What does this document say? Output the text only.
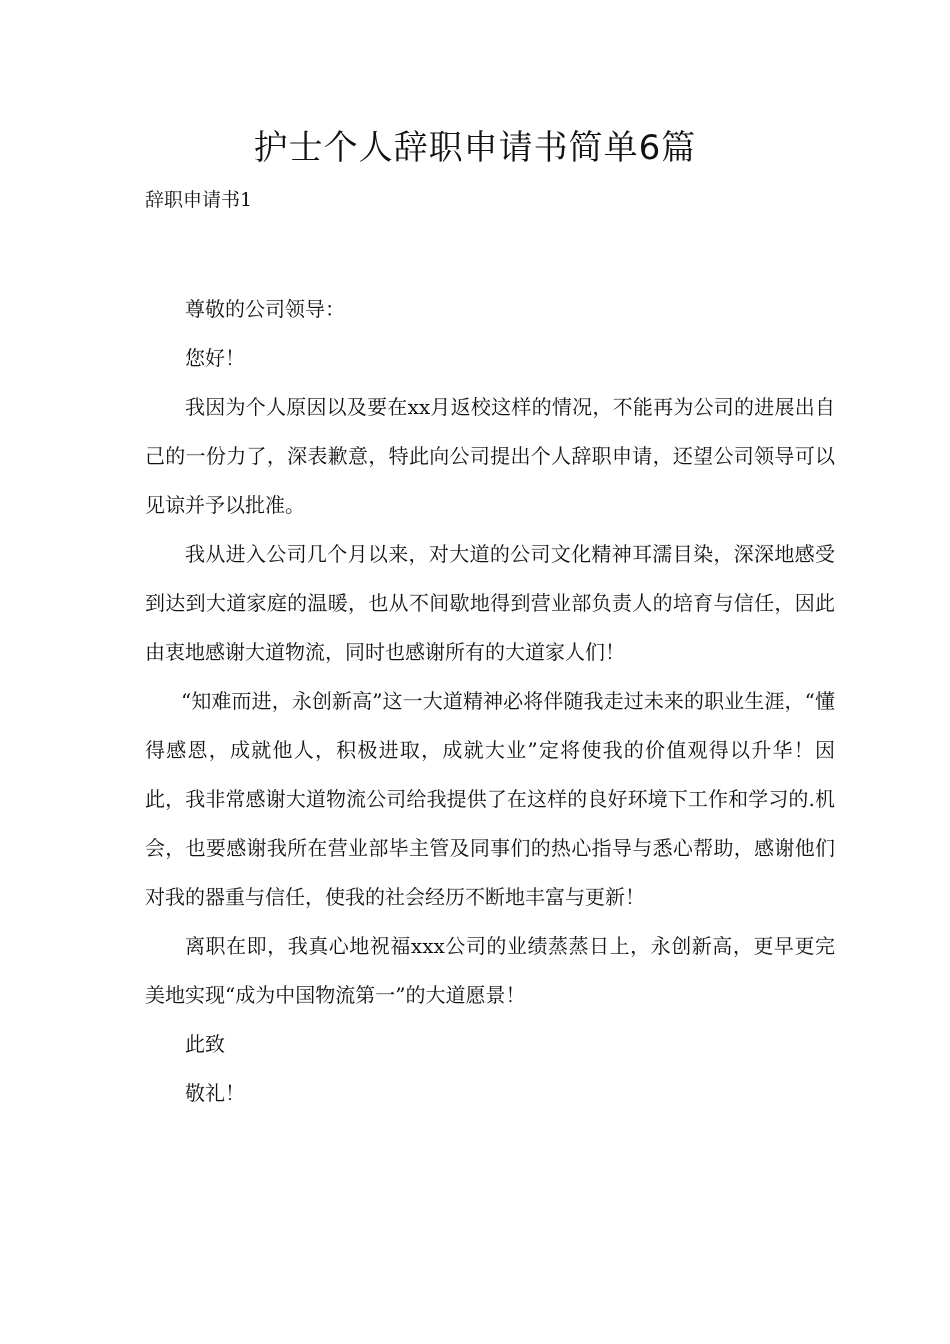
护士个人辞职申请书简单6篇
辞职申请书1

尊敬的公司领导：

您好！

我因为个人原因以及要在xx月返校这样的情况，不能再为公司的进展出自己的一份力了，深表歉意，特此向公司提出个人辞职申请，还望公司领导可以见谅并予以批准。

我从进入公司几个月以来，对大道的公司文化精神耳濡目染，深深地感受到达到大道家庭的温暖，也从不间歇地得到营业部负责人的培育与信任，因此由衷地感谢大道物流，同时也感谢所有的大道家人们！

“知难而进，永创新高”这一大道精神必将伴随我走过未来的职业生涯，“懂得感恩，成就他人，积极进取，成就大业”定将使我的价值观得以升华！因此，我非常感谢大道物流公司给我提供了在这样的良好环境下工作和学习的.机会，也要感谢我所在营业部毕主管及同事们的热心指导与悉心帮助，感谢他们对我的器重与信任，使我的社会经历不断地丰富与更新！

离职在即，我真心地祝福xxx公司的业绩蒸蒸日上，永创新高，更早更完美地实现“成为中国物流第一”的大道愿景！

此致

敬礼！
